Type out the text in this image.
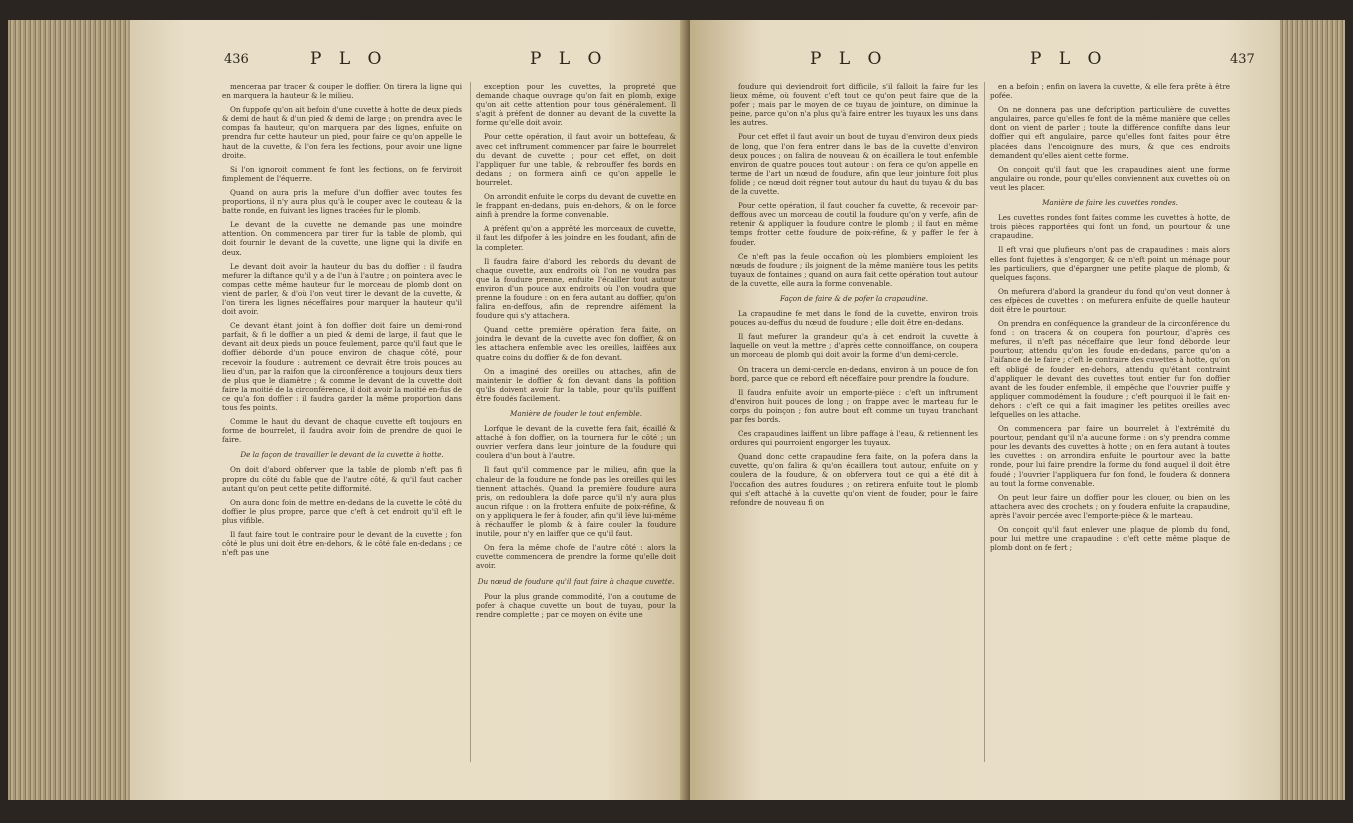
436	P L O	P L O

menceraa par tracer & couper le doffier. On tirera la ligne qui en marquera la hauteur & le milieu.

On fuppofe qu'on ait befoin d'une cuvette à hotte de deux pieds & demi de haut & d'un pied & demi de large ; on prendra avec le compas fa hauteur, qu'on marquera par des lignes, enfuite on prendra fur cette hauteur un pied, pour faire ce qu'on appelle le haut de la cuvette, & l'on fera les fections, pour avoir une ligne droite.

Si l'on ignoroit comment fe font les fections, on fe ferviroit fimplement de l'équerre.

Quand on aura pris la mefure d'un doffier avec toutes fes proportions, il n'y aura plus qu'à le couper avec le couteau & la batte ronde, en fuivant les lignes tracées fur le plomb.

Le devant de la cuvette ne demande pas une moindre attention. On commencera par tirer fur la table de plomb, qui doit fournir le devant de la cuvette, une ligne qui la divife en deux.

Le devant doit avoir la hauteur du bas du doffier : il faudra mefurer la diftance qu'il y a de l'un à l'autre ; on pointera avec le compas cette même hauteur fur le morceau de plomb dont on vient de parler, & d'où l'on veut tirer le devant de la cuvette, & l'on tirera les lignes néceffaires pour marquer la hauteur qu'il doit avoir.

Ce devant étant joint à fon doffier doit faire un demi-rond parfait, & fi le doffier a un pied & demi de large, il faut que le devant ait deux pieds un pouce feulement, parce qu'il faut que le doffier déborde d'un pouce environ de chaque côté, pour recevoir la foudure : autrement ce devrait être trois pouces au lieu d'un, par la raifon que la circonférence a toujours deux tiers de plus que le diamètre ; & comme le devant de la cuvette doit faire la moitié de la circonférence, il doit avoir la moitié en-fus de ce qu'a fon doffier : il faudra garder la même proportion dans tous fes points.

Comme le haut du devant de chaque cuvette eft toujours en forme de bourrelet, il faudra avoir foin de prendre de quoi le faire.

De la façon de travailler le devant de la cuvette à hotte.

On doit d'abord obferver que la table de plomb n'eft pas fi propre du côté du fable que de l'autre côté, & qu'il faut cacher autant qu'on peut cette petite difformité.

On aura donc foin de mettre en-dedans de la cuvette le côté du doffier le plus propre, parce que c'eft à cet endroit qu'il eft le plus vifible.

Il faut faire tout le contraire pour le devant de la cuvette ; fon côté le plus uni doit être en-dehors, & le côté fale en-dedans ; ce n'eft pas une

exception pour les cuvettes, la propreté que demande chaque ouvrage qu'on fait en plomb, exige qu'on ait cette attention pour tous généralement. Il s'agit à préfent de donner au devant de la cuvette la forme qu'elle doit avoir.

Pour cette opération, il faut avoir un bottefeau, & avec cet inftrument commencer par faire le bourrelet du devant de cuvette ; pour cet effet, on doit l'appliquer fur une table, & rebrouffer fes bords en dedans ; on formera ainfi ce qu'on appelle le bourrelet.

On arrondit enfuite le corps du devant de cuvette en le frappant en-dedans, puis en-dehors, & on le force ainfi à prendre la forme convenable.

A préfent qu'on a apprêté les morceaux de cuvette, il faut les difpofer à les joindre en les foudant, afin de la completer.

Il faudra faire d'abord les rebords du devant de chaque cuvette, aux endroits où l'on ne voudra pas que la foudure prenne, enfuite l'écailler tout autour environ d'un pouce aux endroits où l'on voudra que prenne la foudure : on en fera autant au doffier, qu'on falira en-deffous, afin de reprendre aifément la foudure qui s'y attachera.

Quand cette première opération fera faite, on joindra le devant de la cuvette avec fon doffier, & on les attachera enfemble avec les oreilles, laiffées aux quatre coins du doffier & de fon devant.

On a imaginé des oreilles ou attaches, afin de maintenir le doffier & fon devant dans la pofition qu'ils doivent avoir fur la table, pour qu'ils puiffent être foudés facilement.

Manière de fouder le tout enfemble.

Lorfque le devant de la cuvette fera fait, écaillé & attaché à fon doffier, on la tournera fur le côté ; un ouvrier verfera dans leur jointure de la foudure qui coulera d'un bout à l'autre.

Il faut qu'il commence par le milieu, afin que la chaleur de la foudure ne fonde pas les oreilles qui les tiennent attachés. Quand la première foudure aura pris, on redoublera la dofe parce qu'il n'y aura plus aucun rifque : on la frottera enfuite de poix-réfine, & on y appliquera le fer à fouder, afin qu'il lève lui-même à réchauffer le plomb & à faire couler la foudure inutile, pour n'y en laiffer que ce qu'il faut.

On fera la même chofe de l'autre côté : alors la cuvette commencera de prendre la forme qu'elle doit avoir.

Du nœud de foudure qu'il faut faire à chaque cuvette.

Pour la plus grande commodité, l'on a coutume de pofer à chaque cuvette un bout de tuyau, pour la rendre complette ; par ce moyen on évite une

P L O	P L O	437

foudure qui deviendroit fort difficile, s'il falloit la faire fur les lieux même, où fouvent c'eft tout ce qu'on peut faire que de la pofer ; mais par le moyen de ce tuyau de jointure, on diminue la peine, parce qu'on n'a plus qu'à faire entrer les tuyaux les uns dans les autres.

Pour cet effet il faut avoir un bout de tuyau d'environ deux pieds de long, que l'on fera entrer dans le bas de la cuvette d'environ deux pouces ; on falira de nouveau & on écaillera le tout enfemble environ de quatre pouces tout autour : on fera ce qu'on appelle en terme de l'art un nœud de foudure, afin que leur jointure foit plus folide ; ce nœud doit régner tout autour du haut du tuyau & du bas de la cuvette.

Pour cette opération, il faut coucher fa cuvette, & recevoir par-deffous avec un morceau de coutil la foudure qu'on y verfe, afin de retenir & appliquer la foudure contre le plomb ; il faut en même temps frotter cette foudure de poix-réfine, & y paffer le fer à fouder.

Ce n'eft pas la feule occafion où les plombiers emploient les nœuds de foudure ; ils joignent de la même manière tous les petits tuyaux de fontaines ; quand on aura fait cette opération tout autour de la cuvette, elle aura la forme convenable.

Façon de faire & de pofer la crapaudine.

La crapaudine fe met dans le fond de la cuvette, environ trois pouces au-deffus du nœud de foudure ; elle doit être en-dedans.

Il faut mefurer la grandeur qu'a à cet endroit la cuvette à laquelle on veut la mettre ; d'après cette connoiffance, on coupera un morceau de plomb qui doit avoir la forme d'un demi-cercle.

On tracera un demi-cercle en-dedans, environ à un pouce de fon bord, parce que ce rebord eft néceffaire pour prendre la foudure.

Il faudra enfuite avoir un emporte-pièce : c'eft un inftrument d'environ huit pouces de long ; on frappe avec le marteau fur le corps du poinçon ; fon autre bout eft comme un tuyau tranchant par fes bords.

Ces crapaudines laiffent un libre paffage à l'eau, & retiennent les ordures qui pourroient engorger les tuyaux.

Quand donc cette crapaudine fera faite, on la pofera dans la cuvette, qu'on falira & qu'on écaillera tout autour, enfuite on y coulera de la foudure, & on obfervera tout ce qui a été dit à l'occafion des autres foudures ; on retirera enfuite tout le plomb qui s'eft attaché à la cuvette qu'on vient de fouder, pour le faire refondre de nouveau fi on

en a befoin ; enfin on lavera la cuvette, & elle fera prête à être pofée.

On ne donnera pas une defcription particulière de cuvettes angulaires, parce qu'elles fe font de la même manière que celles dont on vient de parler ; toute la différence confifte dans leur doffier qui eft angulaire, parce qu'elles font faites pour être placées dans l'encoignure des murs, & que ces endroits demandent qu'elles aient cette forme.

On conçoit qu'il faut que les crapaudines aient une forme angulaire ou ronde, pour qu'elles conviennent aux cuvettes où on veut les placer.

Manière de faire les cuvettes rondes.

Les cuvettes rondes font faites comme les cuvettes à hotte, de trois pièces rapportées qui font un fond, un pourtour & une crapaudine.

Il eft vrai que plufieurs n'ont pas de crapaudines : mais alors elles font fujettes à s'engorger, & ce n'eft point un ménage pour les particuliers, que d'épargner une petite plaque de plomb, & quelques façons.

On mefurera d'abord la grandeur du fond qu'on veut donner à ces efpèces de cuvettes : on mefurera enfuite de quelle hauteur doit être le pourtour.

On prendra en conféquence la grandeur de la circonférence du fond : on tracera & on coupera fon pourtour, d'après ces mefures, il n'eft pas néceffaire que leur fond déborde leur pourtour, attendu qu'on les foude en-dedans, parce qu'on a l'aifance de le faire ; c'eft le contraire des cuvettes à hotte, qu'on eft obligé de fouder en-dehors, attendu qu'étant contraint d'appliquer le devant des cuvettes tout entier fur fon doffier avant de les fouder enfemble, il empêche que l'ouvrier puiffe y appliquer commodément la foudure ; c'eft pourquoi il le fait en-dehors : c'eft ce qui a fait imaginer les petites oreilles avec lefquelles on les attache.

On commencera par faire un bourrelet à l'extrémité du pourtour, pendant qu'il n'a aucune forme : on s'y prendra comme pour les devants des cuvettes à hotte ; on en fera autant à toutes les cuvettes : on arrondira enfuite le pourtour avec la batte ronde, pour lui faire prendre la forme du fond auquel il doit être foudé ; l'ouvrier l'appliquera fur fon fond, le foudera & donnera au tout la forme convenable.

On peut leur faire un doffier pour les clouer, ou bien on les attachera avec des crochets ; on y foudera enfuite la crapaudine, après l'avoir percée avec l'emporte-pièce & le marteau.

On conçoit qu'il faut enlever une plaque de plomb du fond, pour lui mettre une crapaudine : c'eft cette même plaque de plomb dont on fe fert ;
